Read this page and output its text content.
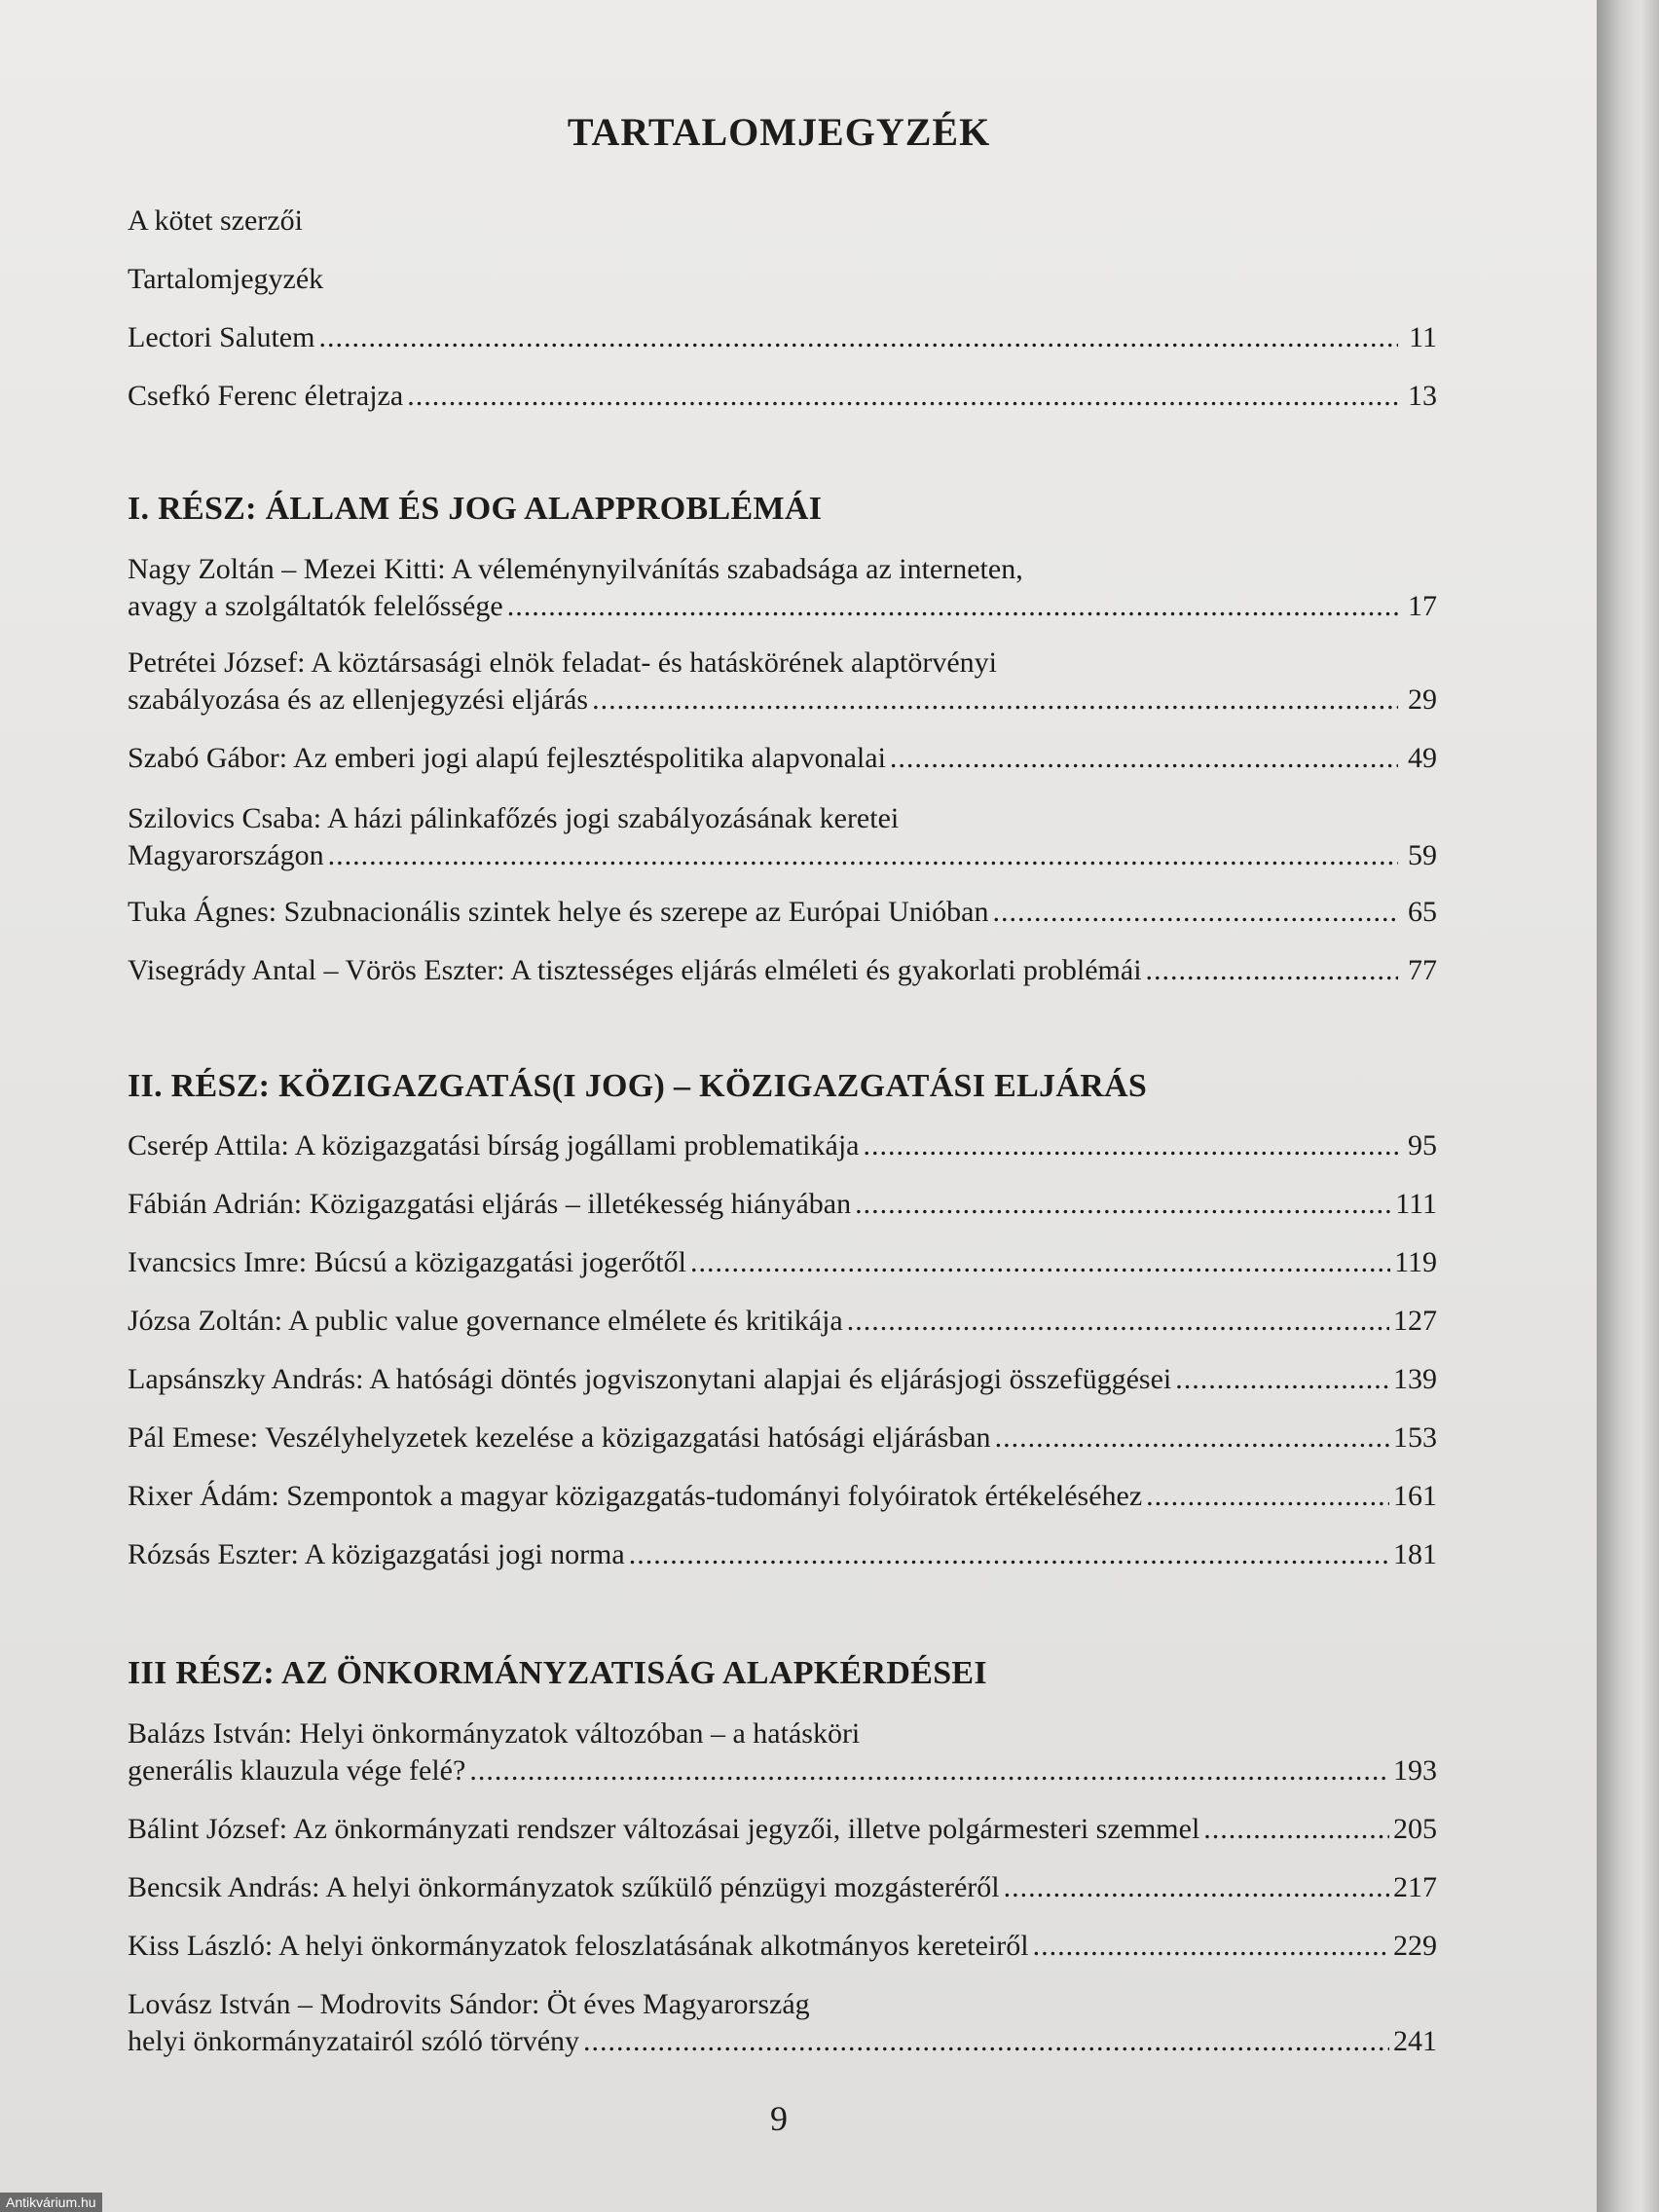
TARTALOMJEGYZÉK
A kötet szerzői
Tartalomjegyzék
Lectori Salutem .....	11
Csefkó Ferenc életrajza .....	13
I. RÉSZ: ÁLLAM ÉS JOG ALAPPROBLÉMÁI
Nagy Zoltán – Mezei Kitti: A véleménynyilvánítás szabadsága az interneten,
avagy a szolgáltatók felelőssége .....	17
Petrétei József: A köztársasági elnök feladat- és hatáskörének alaptörvényi
szabályozása és az ellenjegyzési eljárás .....	29
Szabó Gábor: Az emberi jogi alapú fejlesztéspolitika alapvonalai .....	49
Szilovics Csaba: A házi pálinkafőzés jogi szabályozásának keretei
Magyarországon .....	59
Tuka Ágnes: Szubnacionális szintek helye és szerepe az Európai Unióban .....	65
Visegrády Antal – Vörös Eszter: A tisztességes eljárás elméleti és gyakorlati problémái .....	77
II. RÉSZ: KÖZIGAZGATÁS(I JOG) – KÖZIGAZGATÁSI ELJÁRÁS
Cserép Attila: A közigazgatási bírság jogállami problematikája .....	95
Fábián Adrián: Közigazgatási eljárás – illetékesség hiányában .....	111
Ivancsics Imre: Búcsú a közigazgatási jogerőtől .....	119
Józsa Zoltán: A public value governance elmélete és kritikája .....	127
Lapsánszky András: A hatósági döntés jogviszonytani alapjai és eljárásjogi összefüggései .....	139
Pál Emese: Veszélyhelyzetek kezelése a közigazgatási hatósági eljárásban .....	153
Rixer Ádám: Szempontok a magyar közigazgatás-tudományi folyóiratok értékeléséhez .....	161
Rózsás Eszter: A közigazgatási jogi norma .....	181
III RÉSZ: AZ ÖNKORMÁNYZATISÁG ALAPKÉRDÉSEI
Balázs István: Helyi önkormányzatok változóban – a hatásköri
generális klauzula vége felé? .....	193
Bálint József: Az önkormányzati rendszer változásai jegyzői, illetve polgármesteri szemmel .....	205
Bencsik András: A helyi önkormányzatok szűkülő pénzügyi mozgásteréről .....	217
Kiss László: A helyi önkormányzatok feloszlatásának alkotmányos kereteiről .....	229
Lovász István – Modrovits Sándor: Öt éves Magyarország
helyi önkormányzatairól szóló törvény .....	241
9
Antikvárium.hu
